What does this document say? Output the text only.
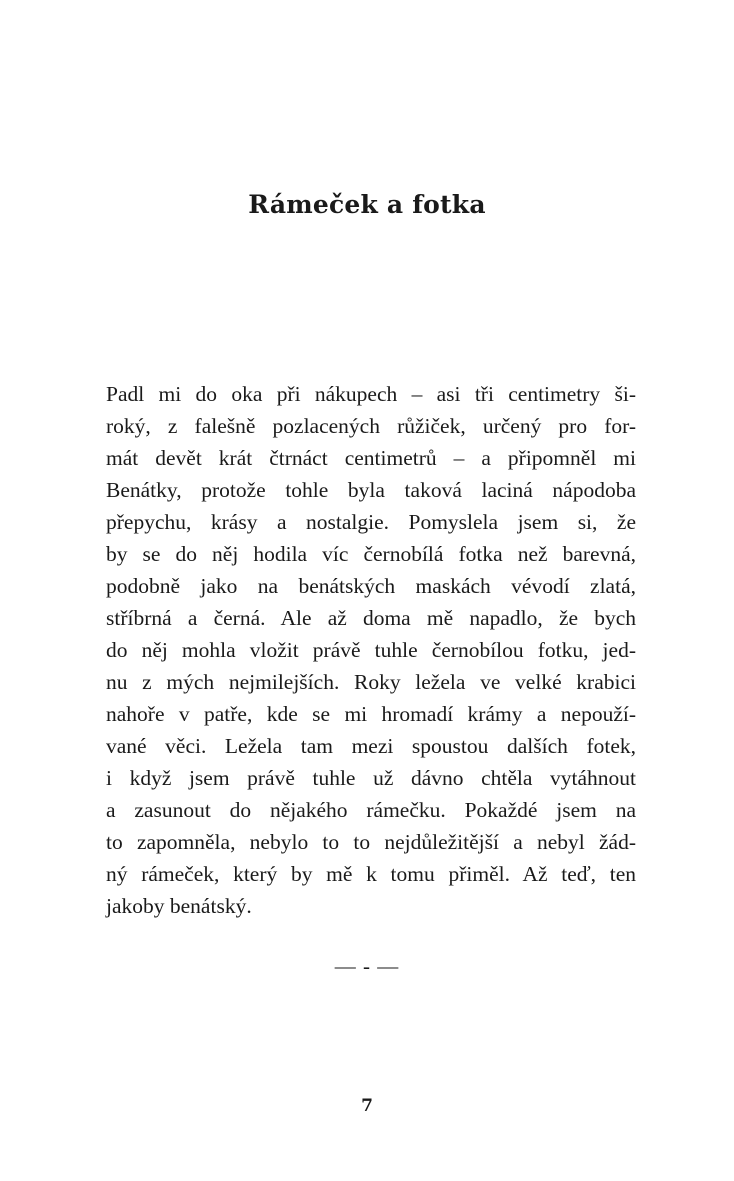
Rámeček a fotka
Padl mi do oka při nákupech – asi tři centimetry ši-
roký, z falešně pozlacených růžiček, určený pro for-
mát devět krát čtrnáct centimetrů – a připomněl mi
Benátky, protože tohle byla taková laciná nápodoba
přepychu, krásy a nostalgie. Pomyslela jsem si, že
by se do něj hodila víc černobílá fotka než barevná,
podobně jako na benátských maskách vévodí zlatá,
stříbrná a černá. Ale až doma mě napadlo, že bych
do něj mohla vložit právě tuhle černobílou fotku, jed-
nu z mých nejmilejších. Roky ležela ve velké krabici
nahoře v patře, kde se mi hromadí krámy a nepouží-
vané věci. Ležela tam mezi spoustou dalších fotek,
i když jsem právě tuhle už dávno chtěla vytáhnout
a zasunout do nějakého rámečku. Pokaždé jsem na
to zapomněla, nebylo to to nejdůležitější a nebyl žád-
ný rámeček, který by mě k tomu přiměl. Až teď, ten
jakoby benátský.
— - —
7
